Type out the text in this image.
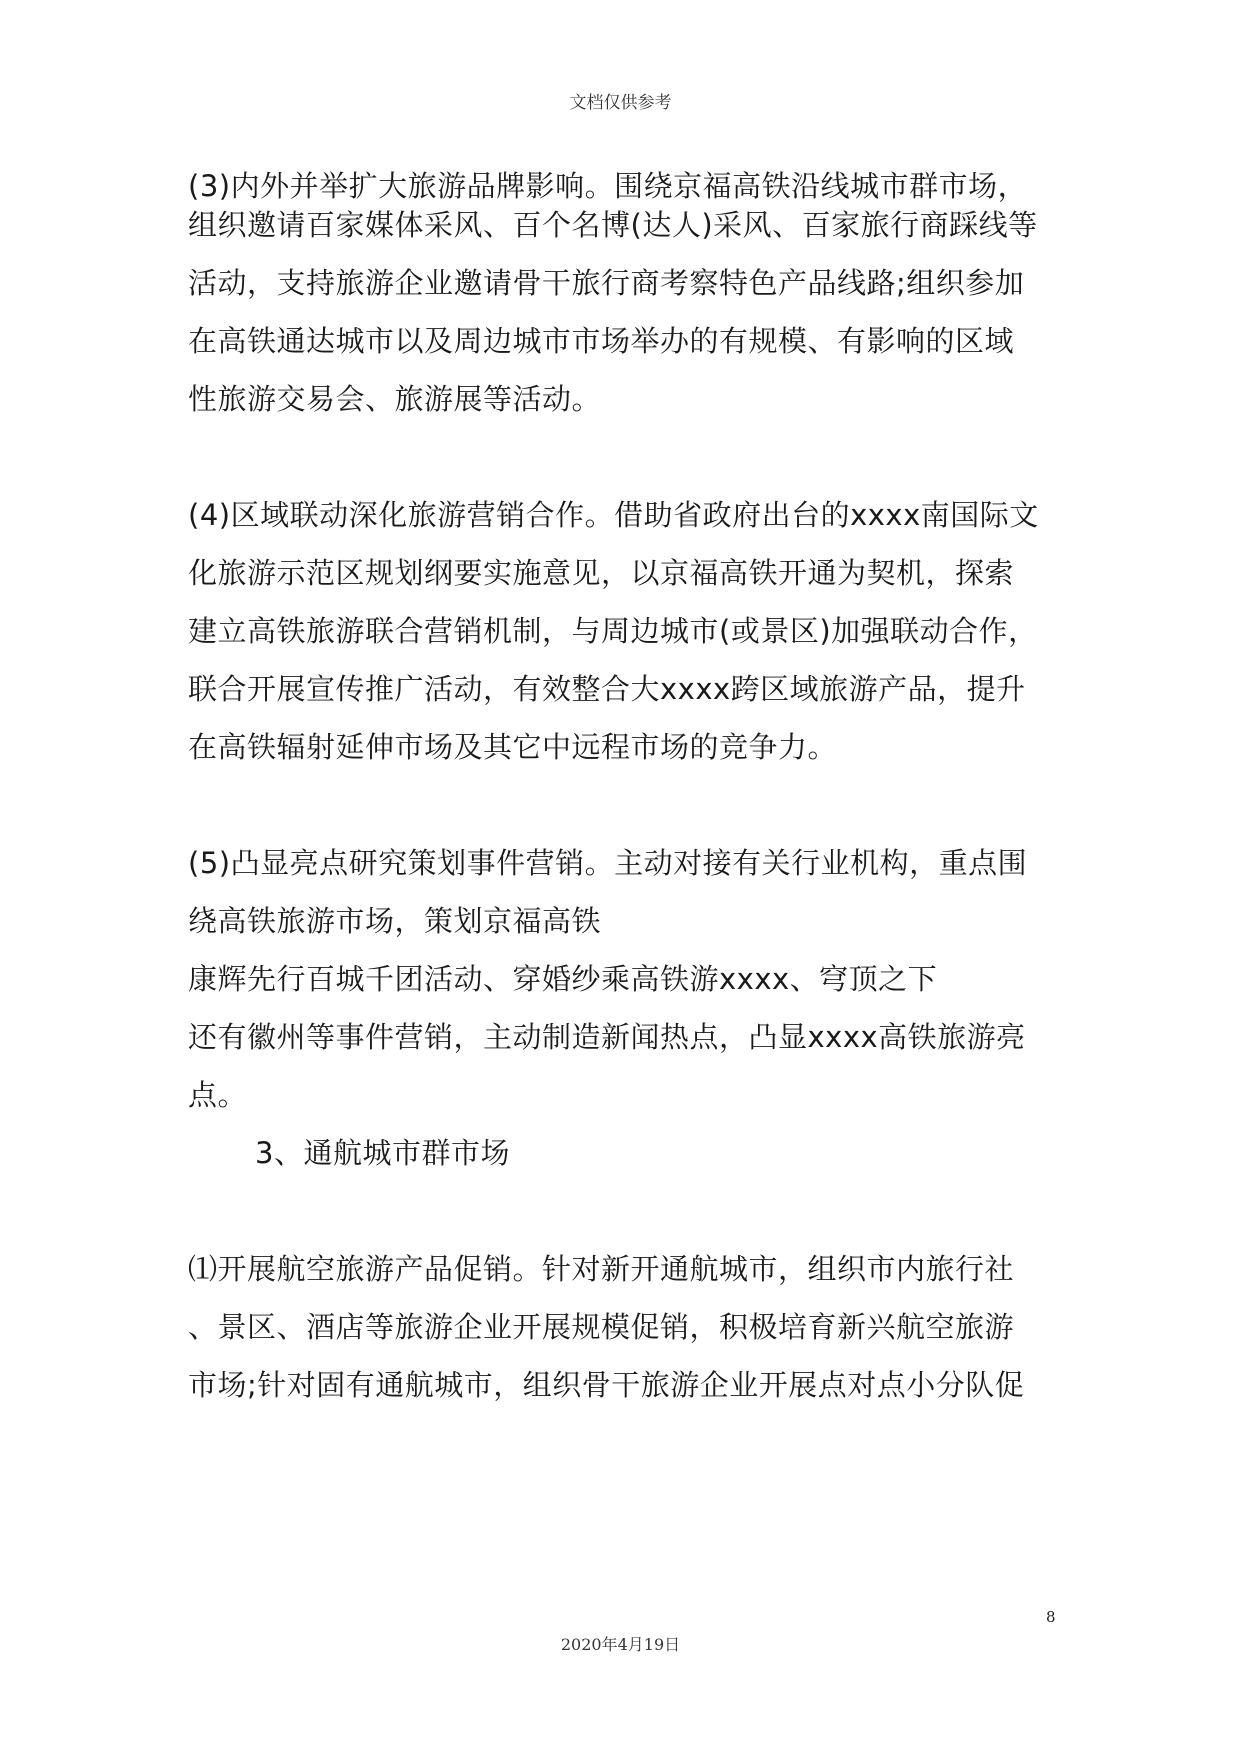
文档仅供参考
(3)内外并举扩大旅游品牌影响。围绕京福高铁沿线城市群市场，
组织邀请百家媒体采风、百个名博(达人)采风、百家旅行商踩线等
活动，支持旅游企业邀请骨干旅行商考察特色产品线路;组织参加
在高铁通达城市以及周边城市市场举办的有规模、有影响的区域
性旅游交易会、旅游展等活动。
(4)区域联动深化旅游营销合作。借助省政府出台的xxxx南国际文
化旅游示范区规划纲要实施意见，以京福高铁开通为契机，探索
建立高铁旅游联合营销机制，与周边城市(或景区)加强联动合作，
联合开展宣传推广活动，有效整合大xxxx跨区域旅游产品，提升
在高铁辐射延伸市场及其它中远程市场的竞争力。
(5)凸显亮点研究策划事件营销。主动对接有关行业机构，重点围
绕高铁旅游市场，策划京福高铁
康辉先行百城千团活动、穿婚纱乘高铁游xxxx、穹顶之下
还有徽州等事件营销，主动制造新闻热点，凸显xxxx高铁旅游亮
点。
3、通航城市群市场
⑴开展航空旅游产品促销。针对新开通航城市，组织市内旅行社
、景区、酒店等旅游企业开展规模促销，积极培育新兴航空旅游
市场;针对固有通航城市，组织骨干旅游企业开展点对点小分队促
8
2020年4月19日
